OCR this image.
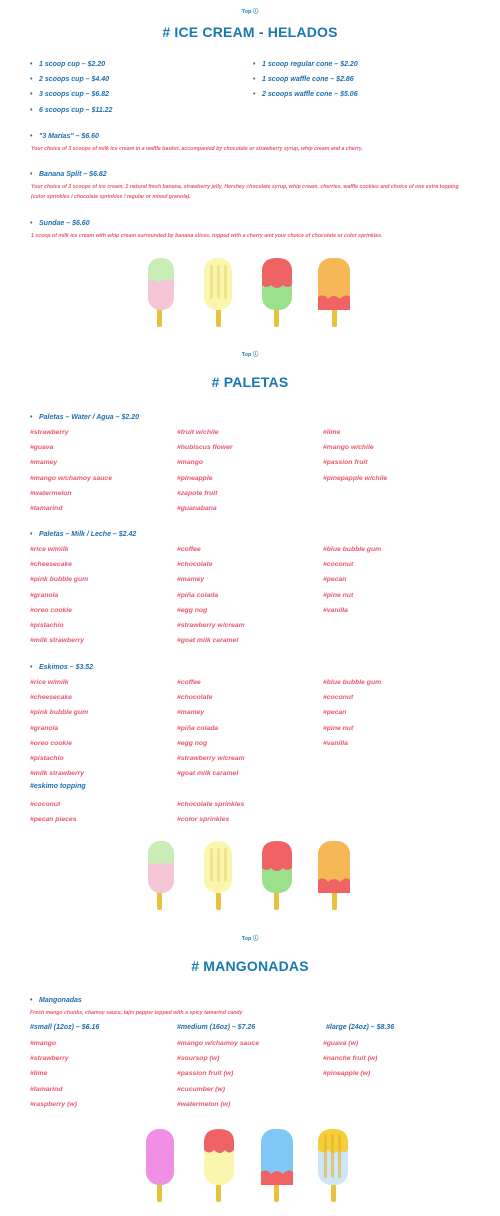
Top ⓘ
# ICE CREAM - HELADOS
• 1 scoop cup – $2.20
• 2 scoops cup – $4.40
• 3 scoops cup – $6.82
• 6 scoops cup – $11.22
• 1 scoop regular cone – $2.20
• 1 scoop waffle cone – $2.86
• 2 scoops waffle cone – $5.06
• "3 Marías" – $6.60
Your choice of 3 scoops of milk ice cream in a waffle basket, accompanied by chocolate or strawberry syrup, whip cream and a cherry.
• Banana Split – $6.82
Your choice of 3 scoops of ice cream, 1 natural fresh banana, strawberry jelly, Hershey chocolate syrup, whip cream, cherries, waffle cookies and choice of one extra topping (color sprinkles / chocolate sprinkles / regular or mixed granola).
• Sundae – $6.60
1 scoop of milk ice cream with whip cream surrounded by banana slices, topped with a cherry and your choice of chocolate or color sprinkles.
Top ⓘ
# PALETAS
• Paletas – Water / Agua – $2.20
#strawberry
#guava
#mamey
#mango w/chamoy sauce
#watermelon
#tamarind
#fruit w/chile
#hubiscus flower
#mango
#pineapple
#zapote fruit
#guanabana
#lime
#mango w/chile
#passion fruit
#pinepapple w/chile
• Paletas – Milk / Leche – $2.42
#rice w/milk
#cheesecake
#pink bubble gum
#granola
#oreo cookie
#pistachio
#milk strawberry
#coffee
#chocolate
#mamey
#piña colada
#egg nog
#strawberry w/cream
#goat milk caramel
#blue bubble gum
#coconut
#pecan
#pine nut
#vanilla
• Eskimos – $3.52
#rice w/milk
#cheesecake
#pink bubble gum
#granola
#oreo cookie
#pistachio
#milk strawberry
#coffee
#chocolate
#mamey
#piña colada
#egg nog
#strawberry w/cream
#goat milk caramel
#blue bubble gum
#coconut
#pecan
#pine nut
#vanilla
#eskimo topping
#coconut
#pecan pieces
#chocolate sprinkles
#color sprinkles
Top ⓘ
# MANGONADAS
• Mangonadas
Fresh mango chunks, chamoy sauce, tajin pepper topped with a spicy tamarind candy
#small (12oz) – $6.16	#medium (16oz) – $7.26	#large (24oz) – $8.36
#mango
#strawberry
#lime
#tamarind
#raspberry (w)
#mango w/chamoy sauce
#soursop (w)
#passion fruit (w)
#cucumber (w)
#watermelon (w)
#guava (w)
#nanche fruit (w)
#pineapple (w)
